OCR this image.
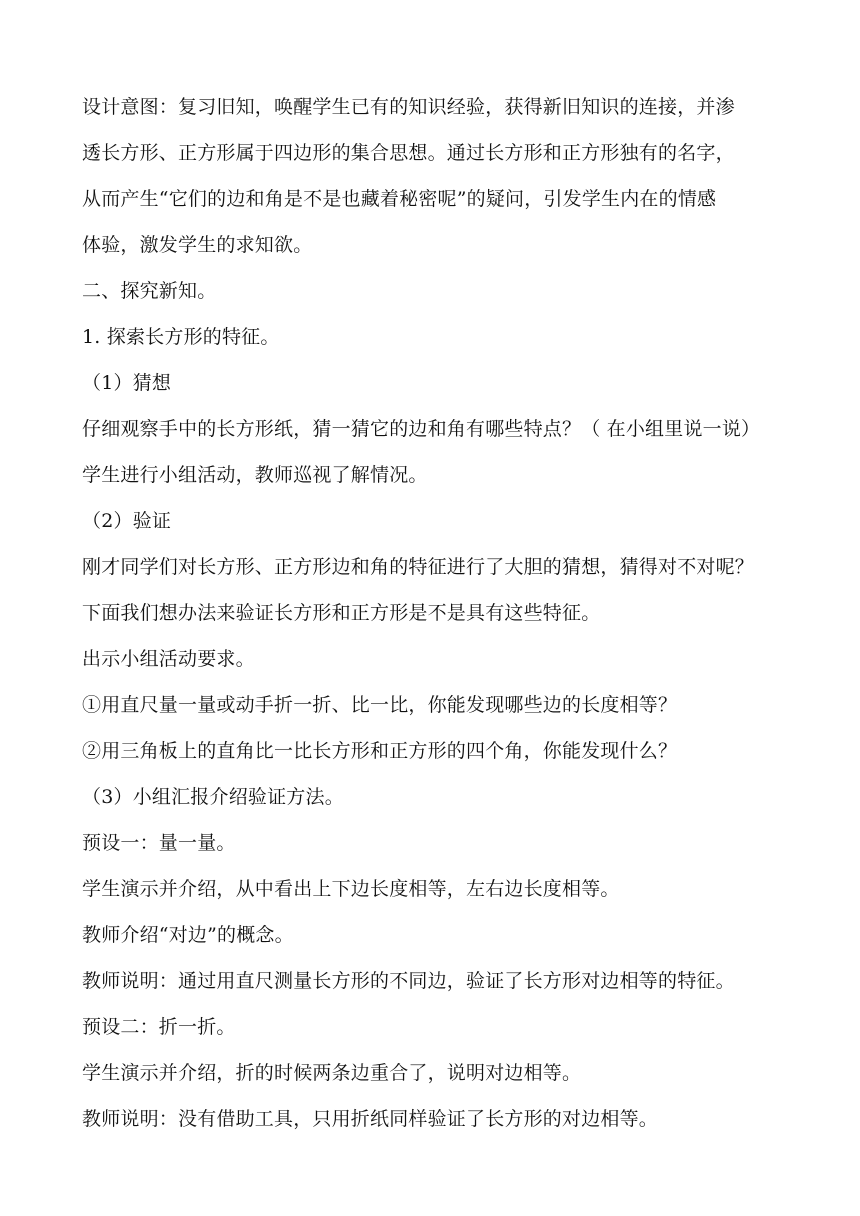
设计意图：复习旧知，唤醒学生已有的知识经验，获得新旧知识的连接，并渗
透长方形、正方形属于四边形的集合思想。通过长方形和正方形独有的名字，
从而产生“它们的边和角是不是也藏着秘密呢”的疑问，引发学生内在的情感
体验，激发学生的求知欲。
二、探究新知。
1. 探索长方形的特征。
（1）猜想
仔细观察手中的长方形纸，猜一猜它的边和角有哪些特点？（ 在小组里说一说）
学生进行小组活动，教师巡视了解情况。
（2）验证
刚才同学们对长方形、正方形边和角的特征进行了大胆的猜想，猜得对不对呢？
下面我们想办法来验证长方形和正方形是不是具有这些特征。
出示小组活动要求。
①用直尺量一量或动手折一折、比一比，你能发现哪些边的长度相等？
②用三角板上的直角比一比长方形和正方形的四个角，你能发现什么？
（3）小组汇报介绍验证方法。
预设一：量一量。
学生演示并介绍，从中看出上下边长度相等，左右边长度相等。
教师介绍“对边”的概念。
教师说明：通过用直尺测量长方形的不同边，验证了长方形对边相等的特征。
预设二：折一折。
学生演示并介绍，折的时候两条边重合了，说明对边相等。
教师说明：没有借助工具，只用折纸同样验证了长方形的对边相等。
